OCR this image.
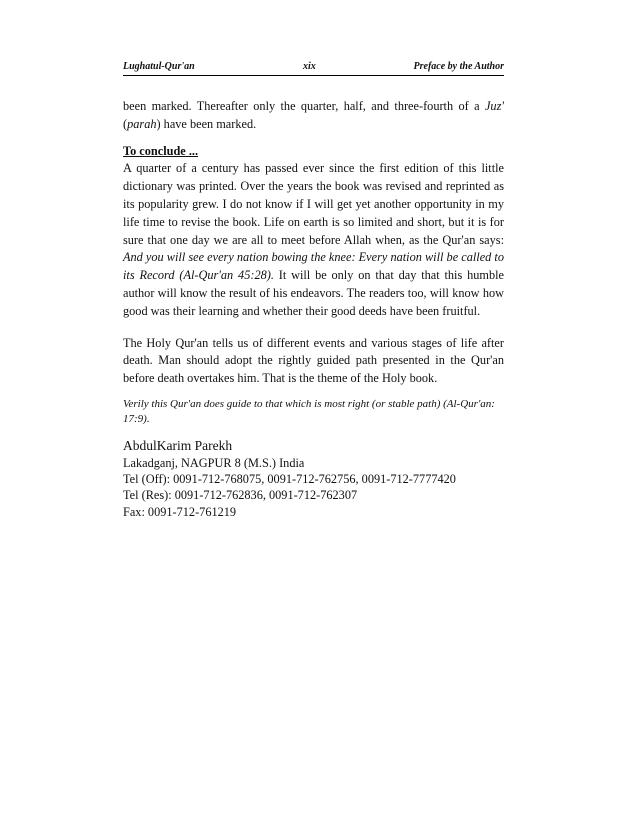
Lughatul-Qur'an	xix	Preface by the Author

been marked. Thereafter only the quarter, half, and three-fourth of a Juz' (parah) have been marked.

To conclude ...

A quarter of a century has passed ever since the first edition of this little dictionary was printed. Over the years the book was revised and reprinted as its popularity grew. I do not know if I will get yet another opportunity in my life time to revise the book. Life on earth is so limited and short, but it is for sure that one day we are all to meet before Allah when, as the Qur'an says: And you will see every nation bowing the knee: Every nation will be called to its Record (Al-Qur'an 45:28). It will be only on that day that this humble author will know the result of his endeavors. The readers too, will know how good was their learning and whether their good deeds have been fruitful.

The Holy Qur'an tells us of different events and various stages of life after death. Man should adopt the rightly guided path presented in the Qur'an before death overtakes him. That is the theme of the Holy book.

Verily this Qur'an does guide to that which is most right (or stable path) (Al-Qur'an: 17:9).

AbdulKarim Parekh
Lakadganj, NAGPUR 8 (M.S.) India
Tel (Off): 0091-712-768075, 0091-712-762756, 0091-712-7777420
Tel (Res): 0091-712-762836, 0091-712-762307
Fax: 0091-712-761219
